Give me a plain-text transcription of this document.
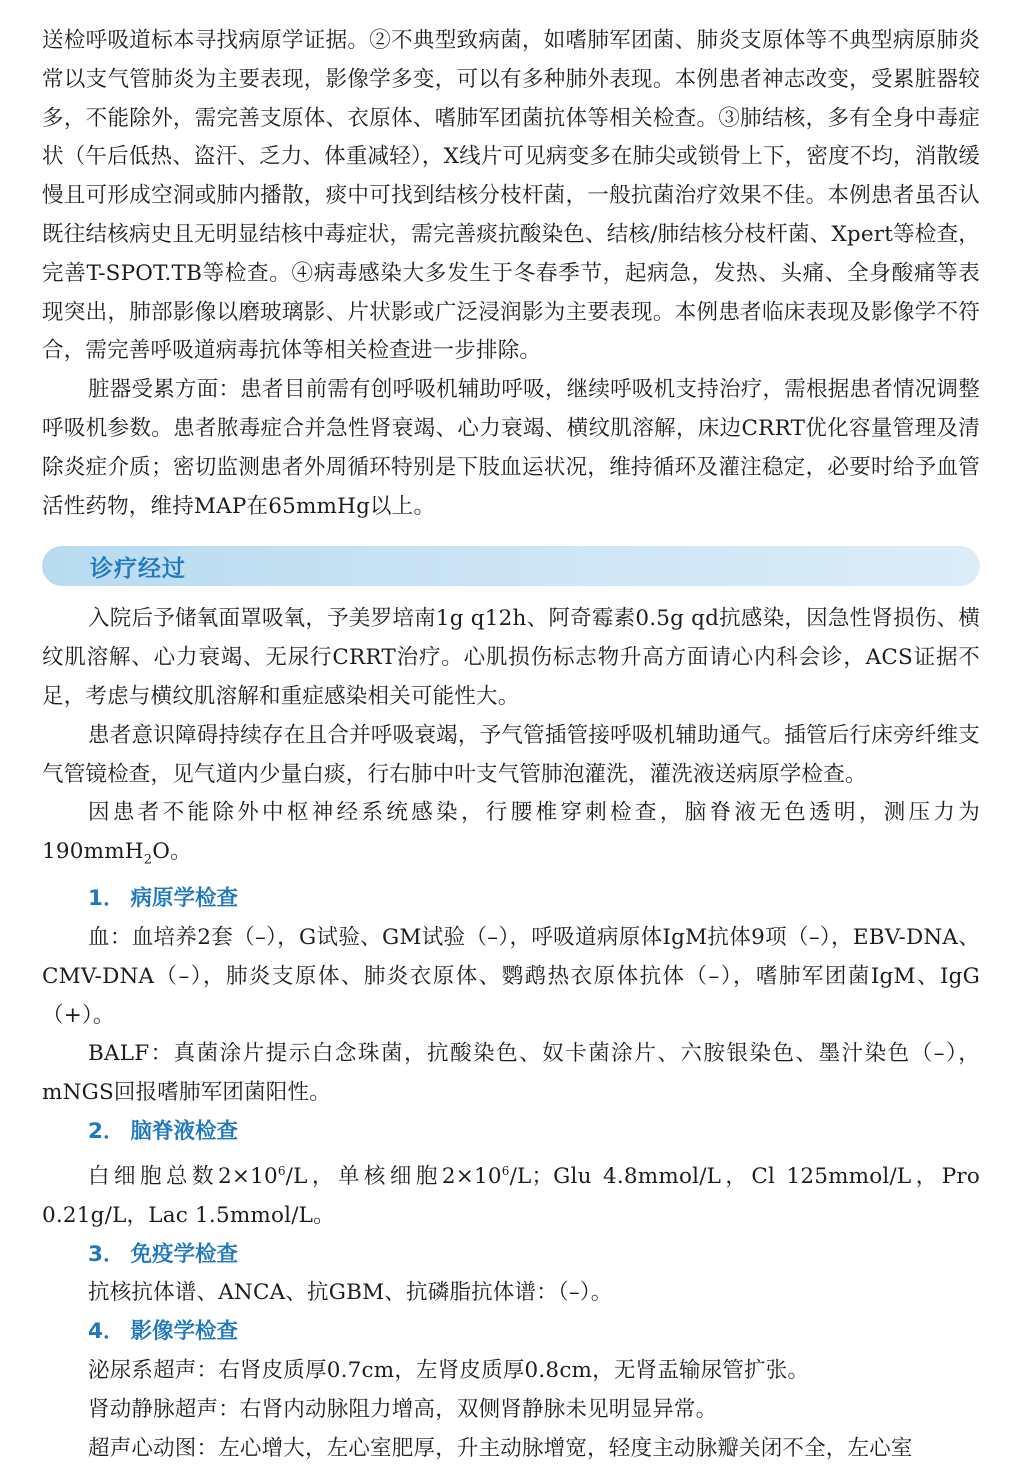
送检呼吸道标本寻找病原学证据。②不典型致病菌，如嗜肺军团菌、肺炎支原体等不典型病原肺炎常以支气管肺炎为主要表现，影像学多变，可以有多种肺外表现。本例患者神志改变，受累脏器较多，不能除外，需完善支原体、衣原体、嗜肺军团菌抗体等相关检查。③肺结核，多有全身中毒症状（午后低热、盗汗、乏力、体重减轻），X线片可见病变多在肺尖或锁骨上下，密度不均，消散缓慢且可形成空洞或肺内播散，痰中可找到结核分枝杆菌，一般抗菌治疗效果不佳。本例患者虽否认既往结核病史且无明显结核中毒症状，需完善痰抗酸染色、结核/肺结核分枝杆菌、Xpert等检查，完善T-SPOT.TB等检查。④病毒感染大多发生于冬春季节，起病急，发热、头痛、全身酸痛等表现突出，肺部影像以磨玻璃影、片状影或广泛浸润影为主要表现。本例患者临床表现及影像学不符合，需完善呼吸道病毒抗体等相关检查进一步排除。

脏器受累方面：患者目前需有创呼吸机辅助呼吸，继续呼吸机支持治疗，需根据患者情况调整呼吸机参数。患者脓毒症合并急性肾衰竭、心力衰竭、横纹肌溶解，床边CRRT优化容量管理及清除炎症介质；密切监测患者外周循环特别是下肢血运状况，维持循环及灌注稳定，必要时给予血管活性药物，维持MAP在65mmHg以上。

诊疗经过

入院后予储氧面罩吸氧，予美罗培南1g q12h、阿奇霉素0.5g qd抗感染，因急性肾损伤、横纹肌溶解、心力衰竭、无尿行CRRT治疗。心肌损伤标志物升高方面请心内科会诊，ACS证据不足，考虑与横纹肌溶解和重症感染相关可能性大。

患者意识障碍持续存在且合并呼吸衰竭，予气管插管接呼吸机辅助通气。插管后行床旁纤维支气管镜检查，见气道内少量白痰，行右肺中叶支气管肺泡灌洗，灌洗液送病原学检查。

因患者不能除外中枢神经系统感染，行腰椎穿刺检查，脑脊液无色透明，测压力为190mmH$_2$O。

1． 病原学检查

血：血培养2套（–），G试验、GM试验（–），呼吸道病原体IgM抗体9项（–），EBV-DNA、CMV-DNA（–），肺炎支原体、肺炎衣原体、鹦鹉热衣原体抗体（–），嗜肺军团菌IgM、IgG（+）。

BALF：真菌涂片提示白念珠菌，抗酸染色、奴卡菌涂片、六胺银染色、墨汁染色（–），mNGS回报嗜肺军团菌阳性。

2． 脑脊液检查

白细胞总数$2\times 10^6/L$，单核细胞$2\times 10^6/L$；Glu 4.8mmol/L，Cl 125mmol/L，Pro 0.21g/L，Lac 1.5mmol/L。

3． 免疫学检查

抗核抗体谱、ANCA、抗GBM、抗磷脂抗体谱：（–）。

4． 影像学检查

泌尿系超声：右肾皮质厚0.7cm，左肾皮质厚0.8cm，无肾盂输尿管扩张。

肾动静脉超声：右肾内动脉阻力增高，双侧肾静脉未见明显异常。

超声心动图：左心增大，左心室肥厚，升主动脉增宽，轻度主动脉瓣关闭不全，左心室
